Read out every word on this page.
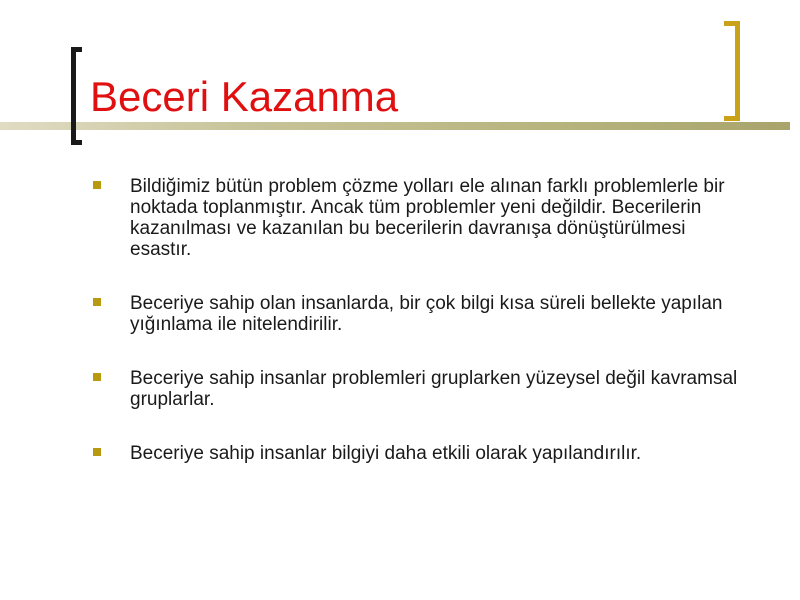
Beceri Kazanma
Bildiğimiz bütün problem çözme yolları ele alınan farklı problemlerle bir noktada toplanmıştır. Ancak tüm problemler yeni değildir. Becerilerin kazanılması ve kazanılan bu becerilerin davranışa dönüştürülmesi esastır.
Beceriye sahip olan insanlarda, bir çok bilgi kısa süreli bellekte yapılan yığınlama ile nitelendirilir.
Beceriye sahip insanlar problemleri gruplarken yüzeysel değil kavramsal gruplarlar.
Beceriye sahip insanlar bilgiyi daha etkili olarak yapılandırılır.
